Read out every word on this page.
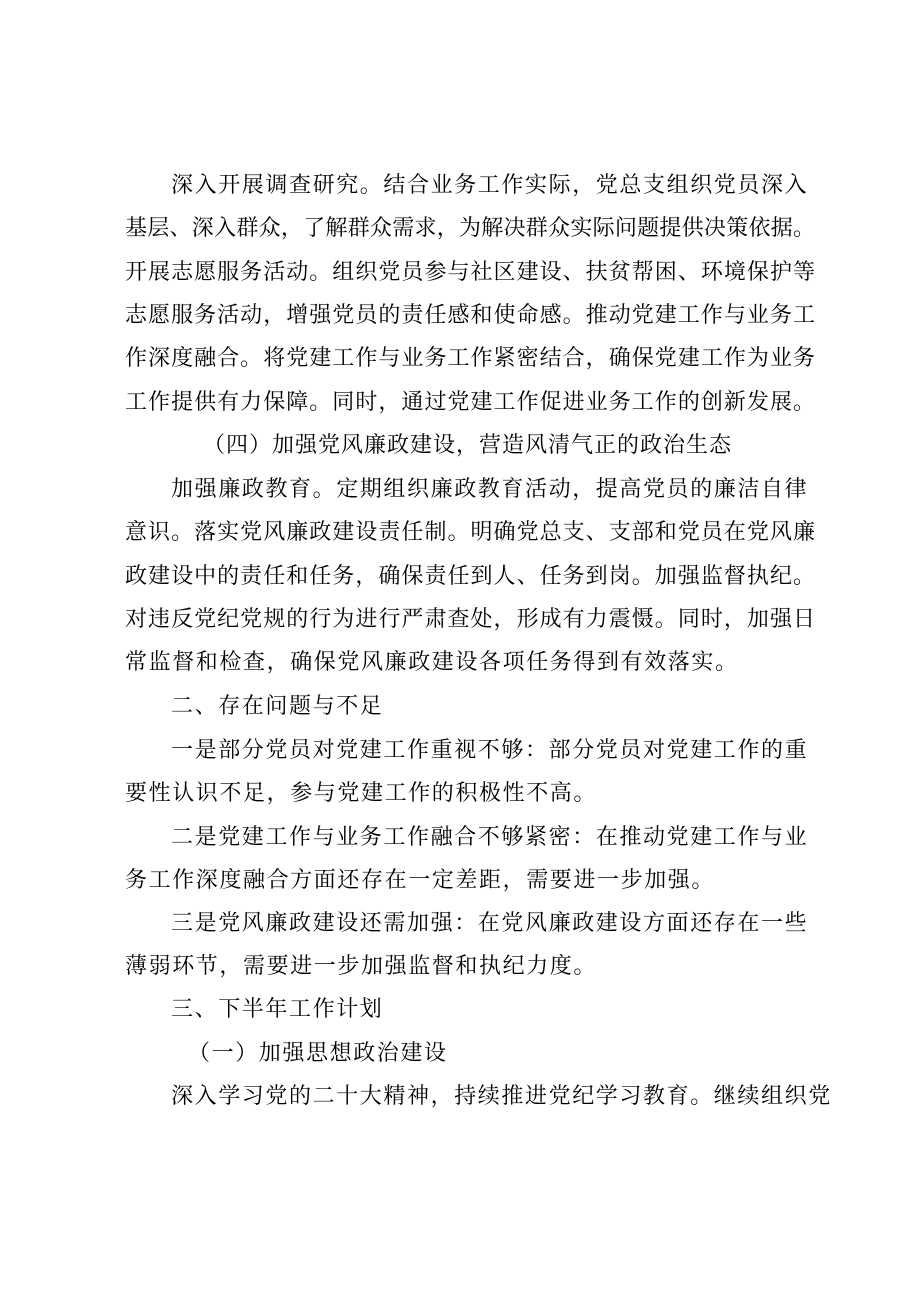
深入开展调查研究。结合业务工作实际，党总支组织党员深入
基层、深入群众，了解群众需求，为解决群众实际问题提供决策依据。
开展志愿服务活动。组织党员参与社区建设、扶贫帮困、环境保护等
志愿服务活动，增强党员的责任感和使命感。推动党建工作与业务工
作深度融合。将党建工作与业务工作紧密结合，确保党建工作为业务
工作提供有力保障。同时，通过党建工作促进业务工作的创新发展。
（四）加强党风廉政建设，营造风清气正的政治生态
加强廉政教育。定期组织廉政教育活动，提高党员的廉洁自律
意识。落实党风廉政建设责任制。明确党总支、支部和党员在党风廉
政建设中的责任和任务，确保责任到人、任务到岗。加强监督执纪。
对违反党纪党规的行为进行严肃查处，形成有力震慑。同时，加强日
常监督和检查，确保党风廉政建设各项任务得到有效落实。
二、存在问题与不足
一是部分党员对党建工作重视不够：部分党员对党建工作的重
要性认识不足，参与党建工作的积极性不高。
二是党建工作与业务工作融合不够紧密：在推动党建工作与业
务工作深度融合方面还存在一定差距，需要进一步加强。
三是党风廉政建设还需加强：在党风廉政建设方面还存在一些
薄弱环节，需要进一步加强监督和执纪力度。
三、下半年工作计划
（一）加强思想政治建设
深入学习党的二十大精神，持续推进党纪学习教育。继续组织党
